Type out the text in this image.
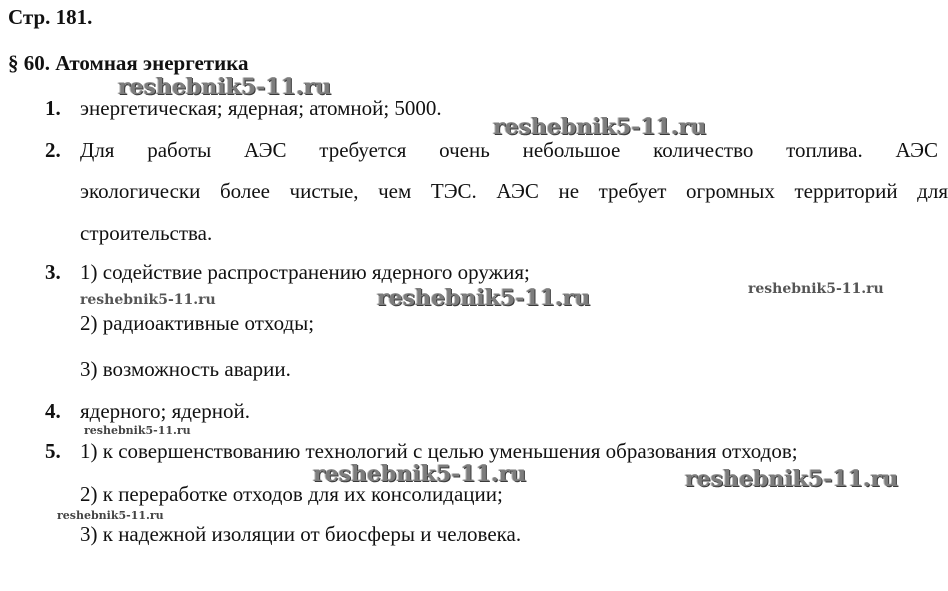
Стр. 181.
§ 60. Атомная энергетика
1. энергетическая; ядерная; атомной; 5000.
2. Для работы АЭС требуется очень небольшое количество топлива. АЭС
экологически более чистые, чем ТЭС. АЭС не требует огромных территорий для
строительства.
3. 1) содействие распространению ядерного оружия;
2) радиоактивные отходы;
3) возможность аварии.
4. ядерного; ядерной.
5. 1) к совершенствованию технологий с целью уменьшения образования отходов;
2) к переработке отходов для их консолидации;
3) к надежной изоляции от биосферы и человека.
reshebnik5-11.ru
reshebnik5-11.ru
reshebnik5-11.ru	reshebnik5-11.ru	reshebnik5-11.ru
reshebnik5-11.ru
reshebnik5-11.ru	reshebnik5-11.ru
reshebnik5-11.ru
